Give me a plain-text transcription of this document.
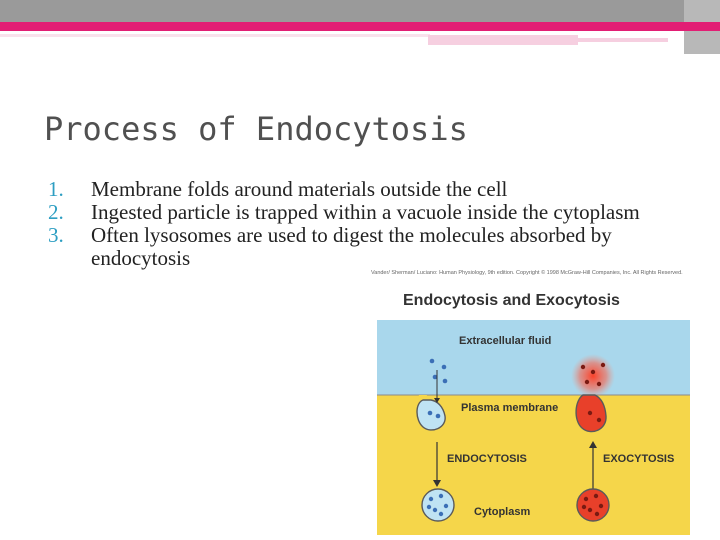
Process of Endocytosis
1.	Membrane folds around materials outside the cell
2.	Ingested particle is trapped within a vacuole inside the cytoplasm
3.	Often lysosomes are used to digest the molecules absorbed by endocytosis
Vander/ Sherman/ Luciano: Human Physiology, 9th edition. Copyright © 1998 McGraw-Hill Companies, Inc. All Rights Reserved.
Endocytosis and Exocytosis
Extracellular fluid
Plasma membrane
ENDOCYTOSIS	EXOCYTOSIS
Cytoplasm
